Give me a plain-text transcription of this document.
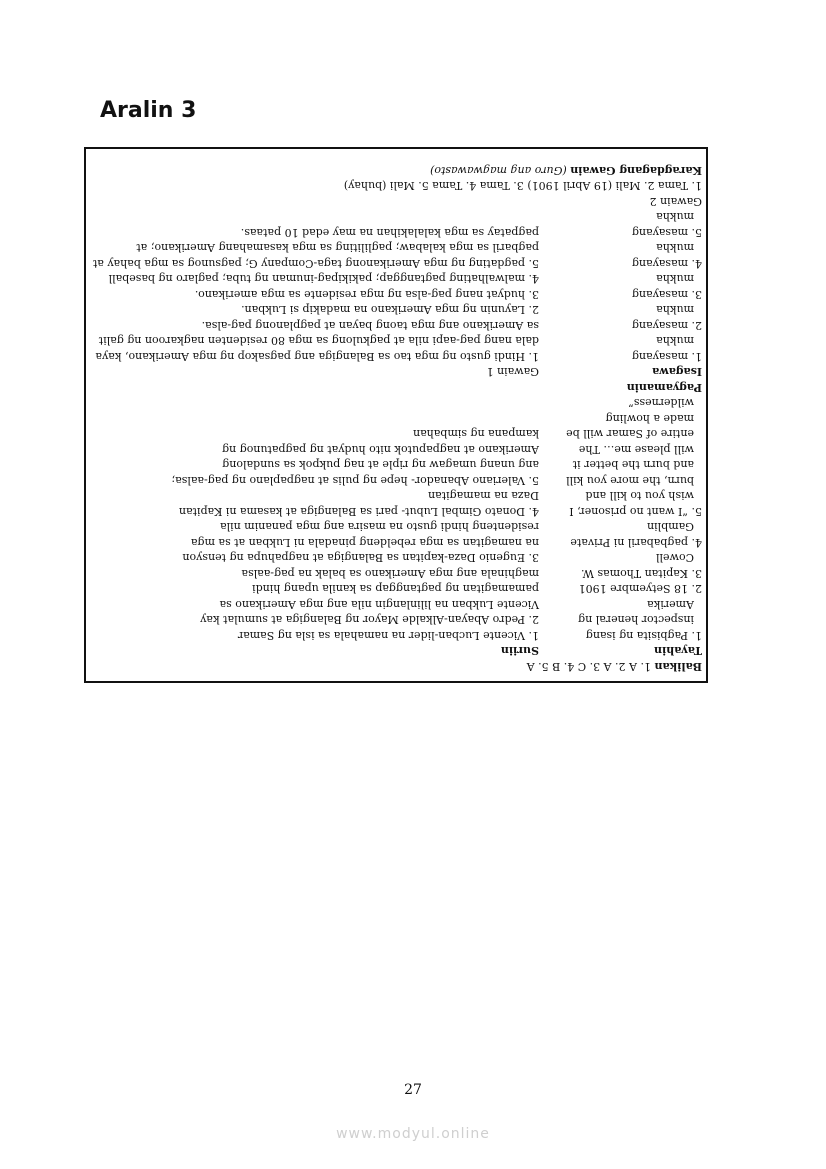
Aralin 3
Balikan 1. A 2. A 3. C 4. B 5. A
Tayahin
Suriin
1. Pagbisita ng isang
inspector heneral ng
Amerika
2. 18 Setyembre 1901
3. Kapitan Thomas W.
Cowell
4. pagbabaril ni Private
Gamblin
5. “I want no prisoner, I
wish you to kill and
burn, the more you kill
and burn the better it
will please me… The
entire of Samar will be
made a howling
wilderness”
1. Vicente Lucban-lider na namahala sa isla ng Samar
2. Pedro Abayan-Alkalde Mayor ng Balangiga at sumulat kay
Vicente Lukban na lilinlangin nila ang mga Amerikano sa
pamamagitan ng pagtanggap sa kanila upang hindi
maghinala ang mga Amerikano sa balak na pag-aalsa
3. Eugenio Daza-kapitan sa Balangiga at nagpahupa ng tensyon
na namagitan sa mga rebeldeng pinadala ni Lukban at sa mga
residenteng hindi gusto na masira ang mga pananim nila
4. Donato Gimbal Lubut- pari sa Balangiga at kasama ni Kapitan
Daza na mamagitan
5. Valeriano Abanador- hepe ng pulis at nagpaplano ng pag-aalsa;
ang unang umagaw ng riple at nag pukpok sa sundalong
Amerikano at nagpaputok nito hudyat ng pagpatunog ng
kampana ng simbahan
Pagyamanin
Isagawa
Gawain 1
1. masayang
mukha
2. masayang
mukha
3. masayang
mukha
4. masayang
mukha
5. masayang
mukha
1. Hindi gusto ng mga tao sa Balangiga ang pagsakop ng mga Amerikano, kaya
dala nang pag-aapi nila at pagkulong sa mga 80 residenten nagkaroon ng galit
sa Amerikano ang mga taong bayan at pagplanong pag-alsa.
2. Layunin ng mga Amerikano na madakip si Lukban.
3. hudyat nang pag-alsa ng mga residente sa mga amerikano.
4. malwalhating pagtanggap; pakikipag-inuman ng tuba; paglaro ng baseball
5. pagdating ng mga Amerikanong taga-Company G; pagsunog sa mga bahay at
pagbaril sa mga kalabaw; pagliliting sa mga kasamahang Amerikano; at
pagpatay sa mga kalalakihan na may edad 10 pataas.
Gawain 2
1. Tama 2. Mali (19 Abril 1901) 3. Tama 4. Tama 5. Mali (buhay)
Karagdagang Gawain (Guro ang magwawasto)
27
www.modyul.online
